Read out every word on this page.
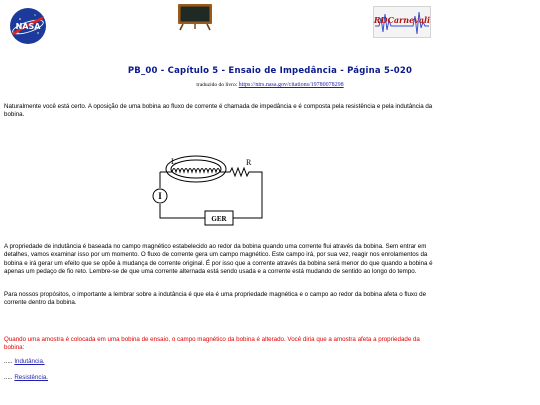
NASA
RDCarnevali
PB_00 - Capítulo 5 - Ensaio de Impedância - Página 5-020
traduzido do livro: https://ntrs.nasa.gov/citations/19780078298
Naturalmente você está certo. A oposição de uma bobina ao fluxo de corrente é chamada de impedância e é composta pela resistência e pela indutância da bobina.
I
GER
L	R
A propriedade de indutância é baseada no campo magnético estabelecido ao redor da bobina quando uma corrente flui através da bobina. Sem entrar em detalhes, vamos examinar isso por um momento. O fluxo de corrente gera um campo magnético. Este campo irá, por sua vez, reagir nos enrolamentos da bobina e irá gerar um efeito que se opõe à mudança de corrente original. É por isso que a corrente através da bobina será menor do que quando a bobina é apenas um pedaço de fio reto. Lembre-se de que uma corrente alternada está sendo usada e a corrente está mudando de sentido ao longo do tempo.
Para nossos propósitos, o importante a lembrar sobre a indutância é que ela é uma propriedade magnética e o campo ao redor da bobina afeta o fluxo de corrente dentro da bobina.
Quando uma amostra é colocada em uma bobina de ensaio, o campo magnético da bobina é alterado. Você diria que a amostra afeta a propriedade da bobina:
..... Indutância.
..... Resistência.
